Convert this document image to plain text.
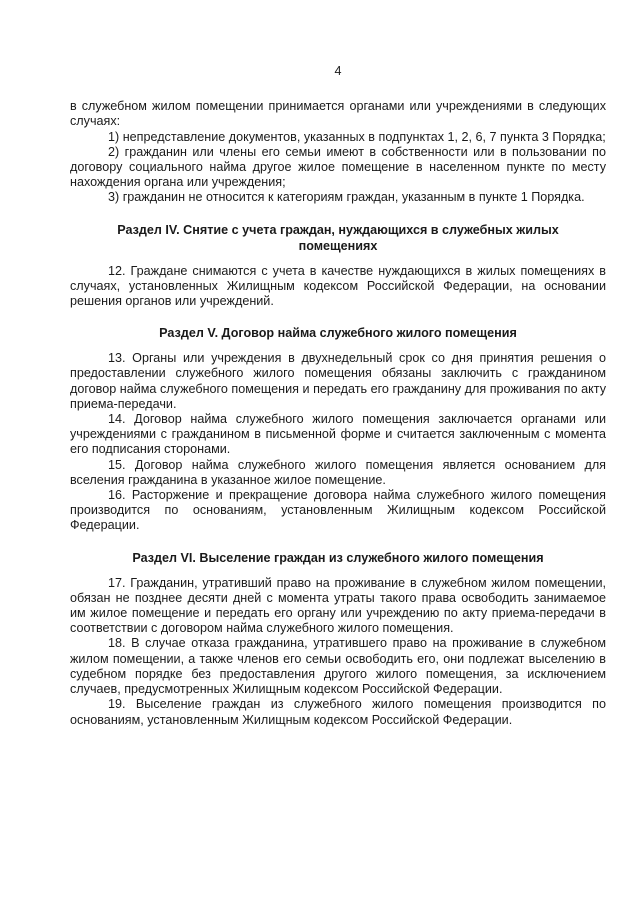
4

в служебном жилом помещении принимается органами или учреждениями в следующих случаях:

1) непредставление документов, указанных в подпунктах 1, 2, 6, 7 пункта 3 Порядка;

2) гражданин или члены его семьи имеют в собственности или в пользовании по договору социального найма другое жилое помещение в населенном пункте по месту нахождения органа или учреждения;

3) гражданин не относится к категориям граждан, указанным в пункте 1 Порядка.

Раздел IV. Снятие с учета граждан, нуждающихся в служебных жилых помещениях

12. Граждане снимаются с учета в качестве нуждающихся в жилых помещениях в случаях, установленных Жилищным кодексом Российской Федерации, на основании решения органов или учреждений.

Раздел V. Договор найма служебного жилого помещения

13. Органы или учреждения в двухнедельный срок со дня принятия решения о предоставлении служебного жилого помещения обязаны заключить с гражданином договор найма служебного помещения и передать его гражданину для проживания по акту приема-передачи.

14. Договор найма служебного жилого помещения заключается органами или учреждениями с гражданином в письменной форме и считается заключенным с момента его подписания сторонами.

15. Договор найма служебного жилого помещения является основанием для вселения гражданина в указанное жилое помещение.

16. Расторжение и прекращение договора найма служебного жилого помещения производится по основаниям, установленным Жилищным кодексом Российской Федерации.

Раздел VI. Выселение граждан из служебного жилого помещения

17. Гражданин, утративший право на проживание в служебном жилом помещении, обязан не позднее десяти дней с момента утраты такого права освободить занимаемое им жилое помещение и передать его органу или учреждению по акту приема-передачи в соответствии с договором найма служебного жилого помещения.

18. В случае отказа гражданина, утратившего право на проживание в служебном жилом помещении, а также членов его семьи освободить его, они подлежат выселению в судебном порядке без предоставления другого жилого помещения, за исключением случаев, предусмотренных Жилищным кодексом Российской Федерации.

19. Выселение граждан из служебного жилого помещения производится по основаниям, установленным Жилищным кодексом Российской Федерации.
